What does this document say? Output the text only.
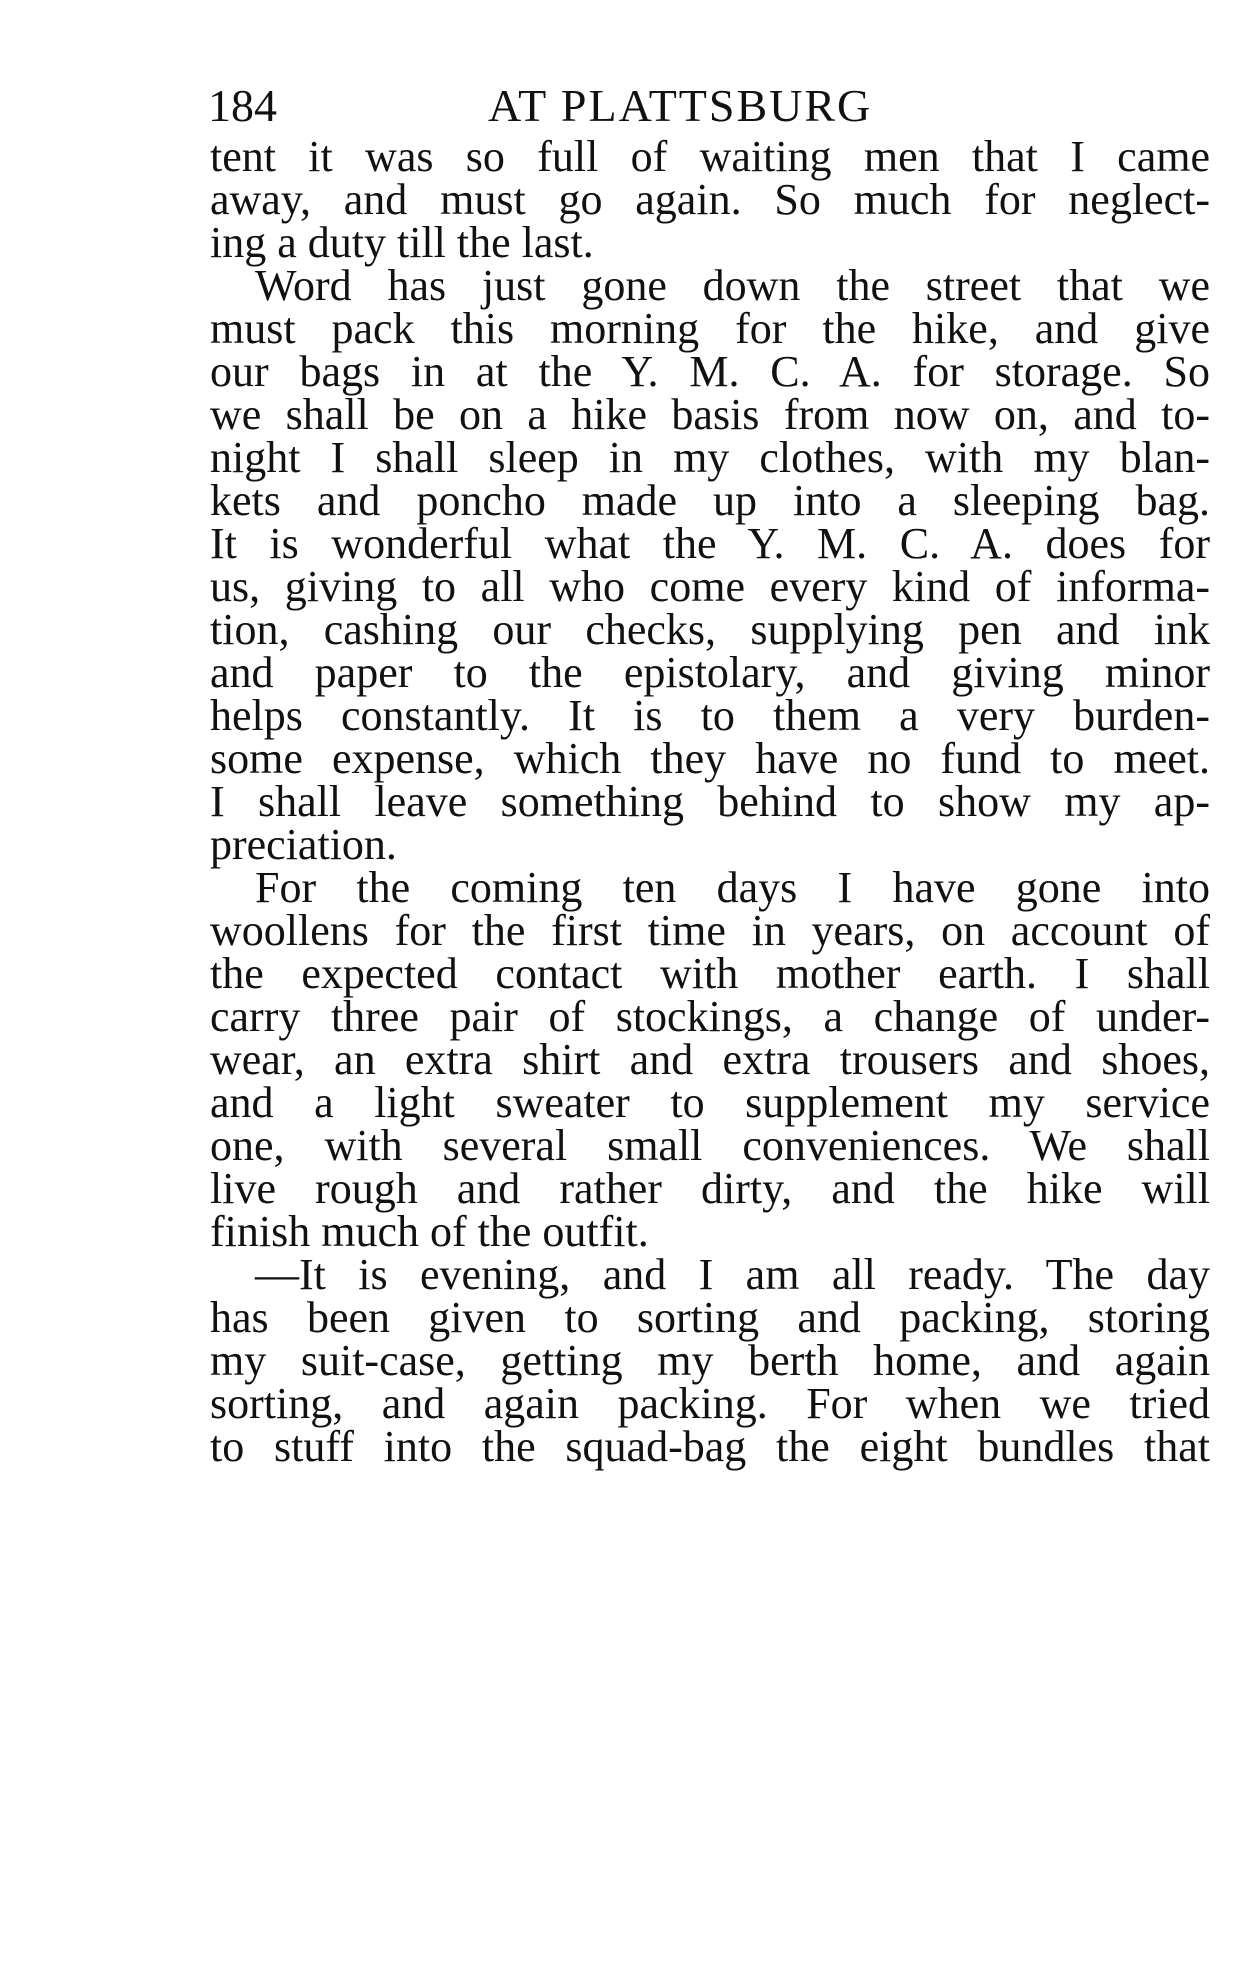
184	AT PLATTSBURG
tent it was so full of waiting men that I came
away, and must go again. So much for neglect-
ing a duty till the last.
Word has just gone down the street that we
must pack this morning for the hike, and give
our bags in at the Y. M. C. A. for storage. So
we shall be on a hike basis from now on, and to-
night I shall sleep in my clothes, with my blan-
kets and poncho made up into a sleeping bag.
It is wonderful what the Y. M. C. A. does for
us, giving to all who come every kind of informa-
tion, cashing our checks, supplying pen and ink
and paper to the epistolary, and giving minor
helps constantly. It is to them a very burden-
some expense, which they have no fund to meet.
I shall leave something behind to show my ap-
preciation.
For the coming ten days I have gone into
woollens for the first time in years, on account of
the expected contact with mother earth. I shall
carry three pair of stockings, a change of under-
wear, an extra shirt and extra trousers and shoes,
and a light sweater to supplement my service
one, with several small conveniences. We shall
live rough and rather dirty, and the hike will
finish much of the outfit.
—It is evening, and I am all ready. The day
has been given to sorting and packing, storing
my suit-case, getting my berth home, and again
sorting, and again packing. For when we tried
to stuff into the squad-bag the eight bundles that
